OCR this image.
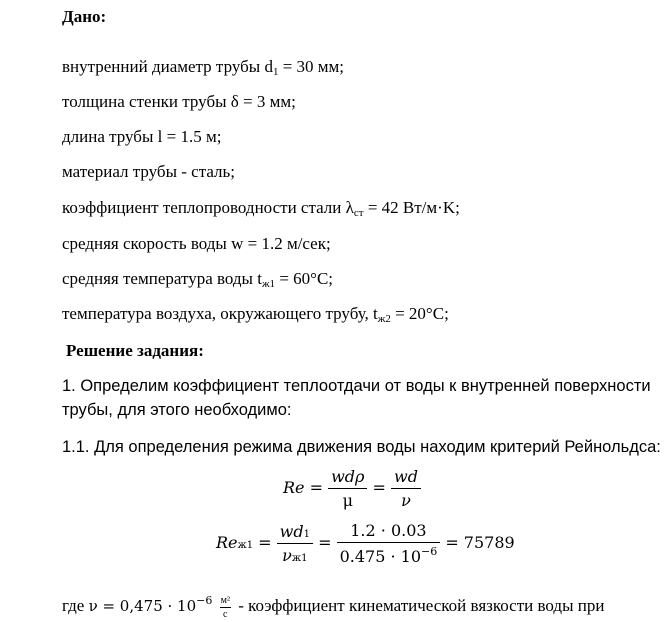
Дано:
внутренний диаметр трубы $d_1 = 30$ мм;
толщина стенки трубы δ = 3 мм;
длина трубы l = 1.5 м;
материал трубы - сталь;
коэффициент теплопроводности стали $\lambda_{ст} = 42$ Вт/м·K;
средняя скорость воды w = 1.2 м/сек;
средняя температура воды $t_{ж1} = 60^\circ C$;
температура воздуха, окружающего трубу, $t_{ж2} = 20^\circ C$;
Решение задания:
1. Определим коэффициент теплоотдачи от воды к внутренней поверхности
трубы, для этого необходимо:
1.1. Для определения режима движения воды находим критерий Рейнольдса:
$Re = \frac{\text{wdρ}}{\mu} = \frac{wd}{\nu}$
$Reж1 = \frac{wd1}{\nu ж1} = \frac{1.2 \cdot 0.03}{0.475 \cdot 10^{-6}} = 75789$
где $\nu = 0,475 \cdot 10^{-6} \frac{\text{м²}}{с}$ - коэффициент кинематической вязкости воды при
